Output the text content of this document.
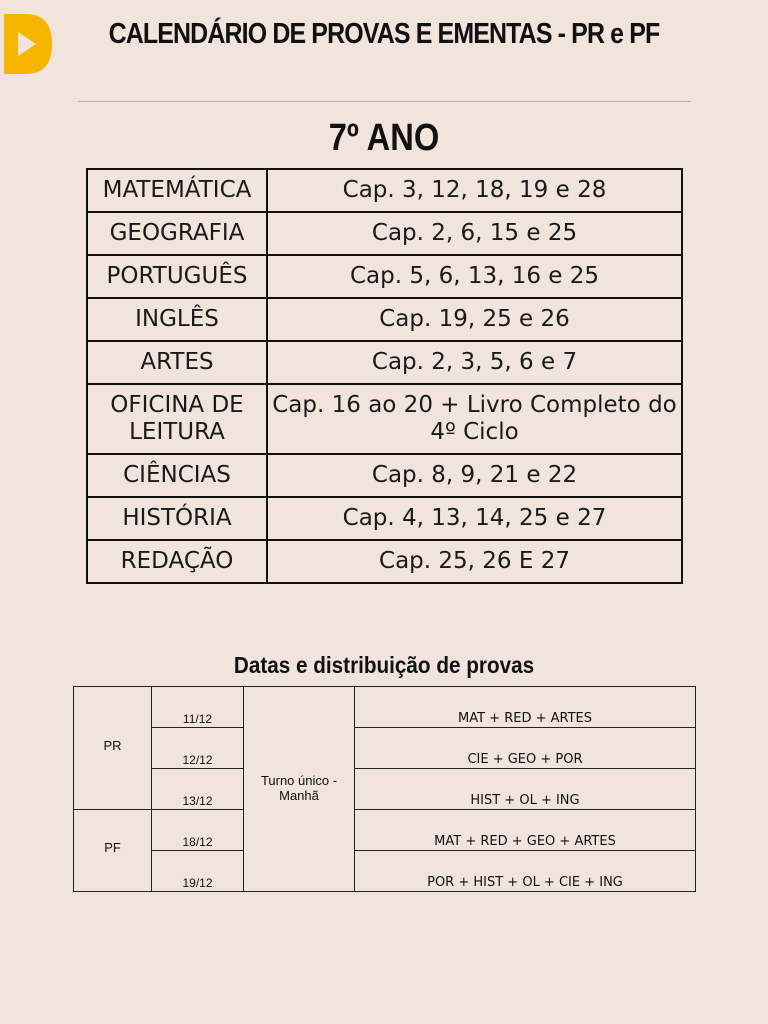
CALENDÁRIO DE PROVAS E EMENTAS - PR e PF
7º ANO
MATEMÁTICA	Cap. 3, 12, 18, 19 e 28
GEOGRAFIA	Cap. 2, 6, 15 e 25
PORTUGUÊS	Cap. 5, 6, 13, 16 e 25
INGLÊS	Cap. 19, 25 e 26
ARTES	Cap. 2, 3, 5, 6 e 7
OFICINA DE LEITURA	Cap. 16 ao 20 + Livro Completo do 4º Ciclo
CIÊNCIAS	Cap. 8, 9, 21 e 22
HISTÓRIA	Cap. 4, 13, 14, 25 e 27
REDAÇÃO	Cap. 25, 26 E 27
Datas e distribuição de provas
PR	11/12	Turno único - Manhã	MAT + RED + ARTES
	12/12		CIE + GEO + POR
	13/12		HIST + OL + ING
PF	18/12		MAT + RED + GEO + ARTES
	19/12		POR + HIST + OL + CIE + ING
